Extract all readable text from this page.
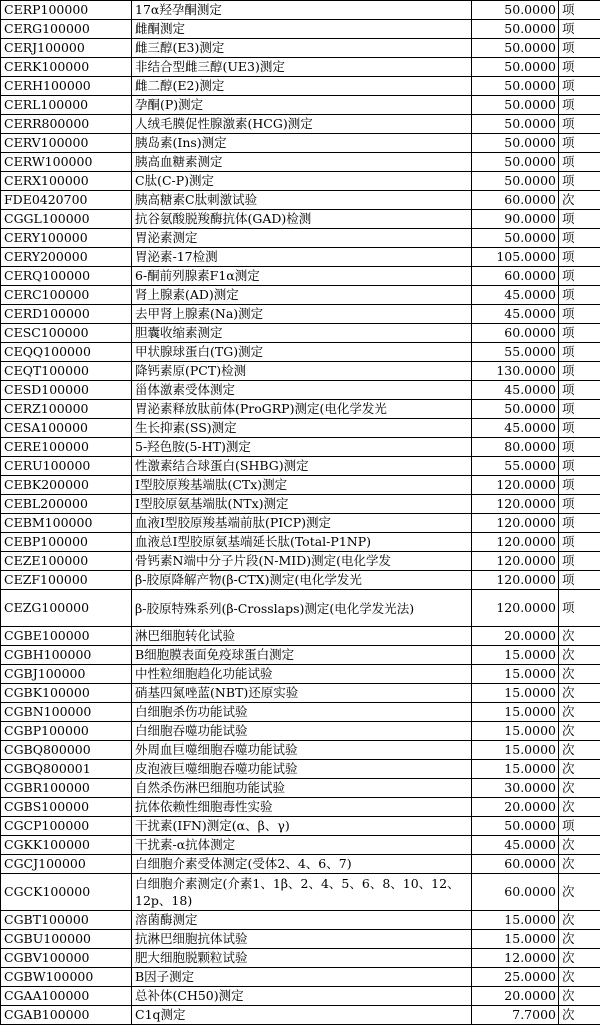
CERP100000	17α羟孕酮测定	50.0000	项
CERG100000	雌酮测定	50.0000	项
CERJ100000	雌三醇(E3)测定	50.0000	项
CERK100000	非结合型雌三醇(UE3)测定	50.0000	项
CERH100000	雌二醇(E2)测定	50.0000	项
CERL100000	孕酮(P)测定	50.0000	项
CERR800000	人绒毛膜促性腺激素(HCG)测定	50.0000	项
CERV100000	胰岛素(Ins)测定	50.0000	项
CERW100000	胰高血糖素测定	50.0000	项
CERX100000	C肽(C-P)测定	50.0000	项
FDE0420700	胰高糖素C肽刺激试验	60.0000	次
CGGL100000	抗谷氨酸脱羧酶抗体(GAD)检测	90.0000	项
CERY100000	胃泌素测定	50.0000	项
CERY200000	胃泌素-17检测	105.0000	项
CERQ100000	6-酮前列腺素F1α测定	60.0000	项
CERC100000	肾上腺素(AD)测定	45.0000	项
CERD100000	去甲肾上腺素(Na)测定	45.0000	项
CESC100000	胆囊收缩素测定	60.0000	项
CEQQ100000	甲状腺球蛋白(TG)测定	55.0000	项
CEQT100000	降钙素原(PCT)检测	130.0000	项
CESD100000	甾体激素受体测定	45.0000	项
CERZ100000	胃泌素释放肽前体(ProGRP)测定(电化学发光	50.0000	项
CESA100000	生长抑素(SS)测定	45.0000	项
CERE100000	5-羟色胺(5-HT)测定	80.0000	项
CERU100000	性激素结合球蛋白(SHBG)测定	55.0000	项
CEBK200000	Ⅰ型胶原羧基端肽(CTx)测定	120.0000	项
CEBL200000	Ⅰ型胶原氨基端肽(NTx)测定	120.0000	项
CEBM100000	血液Ⅰ型胶原羧基端前肽(PICP)测定	120.0000	项
CEBP100000	血液总Ⅰ型胶原氨基端延长肽(Total-P1NP)	120.0000	项
CEZE100000	骨钙素N端中分子片段(N-MID)测定(电化学发	120.0000	项
CEZF100000	β-胶原降解产物(β-CTX)测定(电化学发光	120.0000	项
CEZG100000	β-胶原特殊系列(β-Crosslaps)测定(电化学发光法)	120.0000	项
CGBE100000	淋巴细胞转化试验	20.0000	次
CGBH100000	B细胞膜表面免疫球蛋白测定	15.0000	次
CGBJ100000	中性粒细胞趋化功能试验	15.0000	次
CGBK100000	硝基四氮唑蓝(NBT)还原实验	15.0000	次
CGBN100000	白细胞杀伤功能试验	15.0000	次
CGBP100000	白细胞吞噬功能试验	15.0000	次
CGBQ800000	外周血巨噬细胞吞噬功能试验	15.0000	次
CGBQ800001	皮泡液巨噬细胞吞噬功能试验	15.0000	次
CGBR100000	自然杀伤淋巴细胞功能试验	30.0000	次
CGBS100000	抗体依赖性细胞毒性实验	20.0000	次
CGCP100000	干扰素(IFN)测定(α、β、γ)	50.0000	项
CGKK100000	干扰素-α抗体测定	45.0000	次
CGCJ100000	白细胞介素受体测定(受体2、4、6、7)	60.0000	次
CGCK100000	白细胞介素测定(介素1、1β、2、4、5、6、8、10、12、12p、18)	60.0000	次
CGBT100000	溶菌酶测定	15.0000	次
CGBU100000	抗淋巴细胞抗体试验	15.0000	次
CGBV100000	肥大细胞脱颗粒试验	12.0000	次
CGBW100000	B因子测定	25.0000	次
CGAA100000	总补体(CH50)测定	20.0000	次
CGAB100000	C1q测定	7.7000	次
